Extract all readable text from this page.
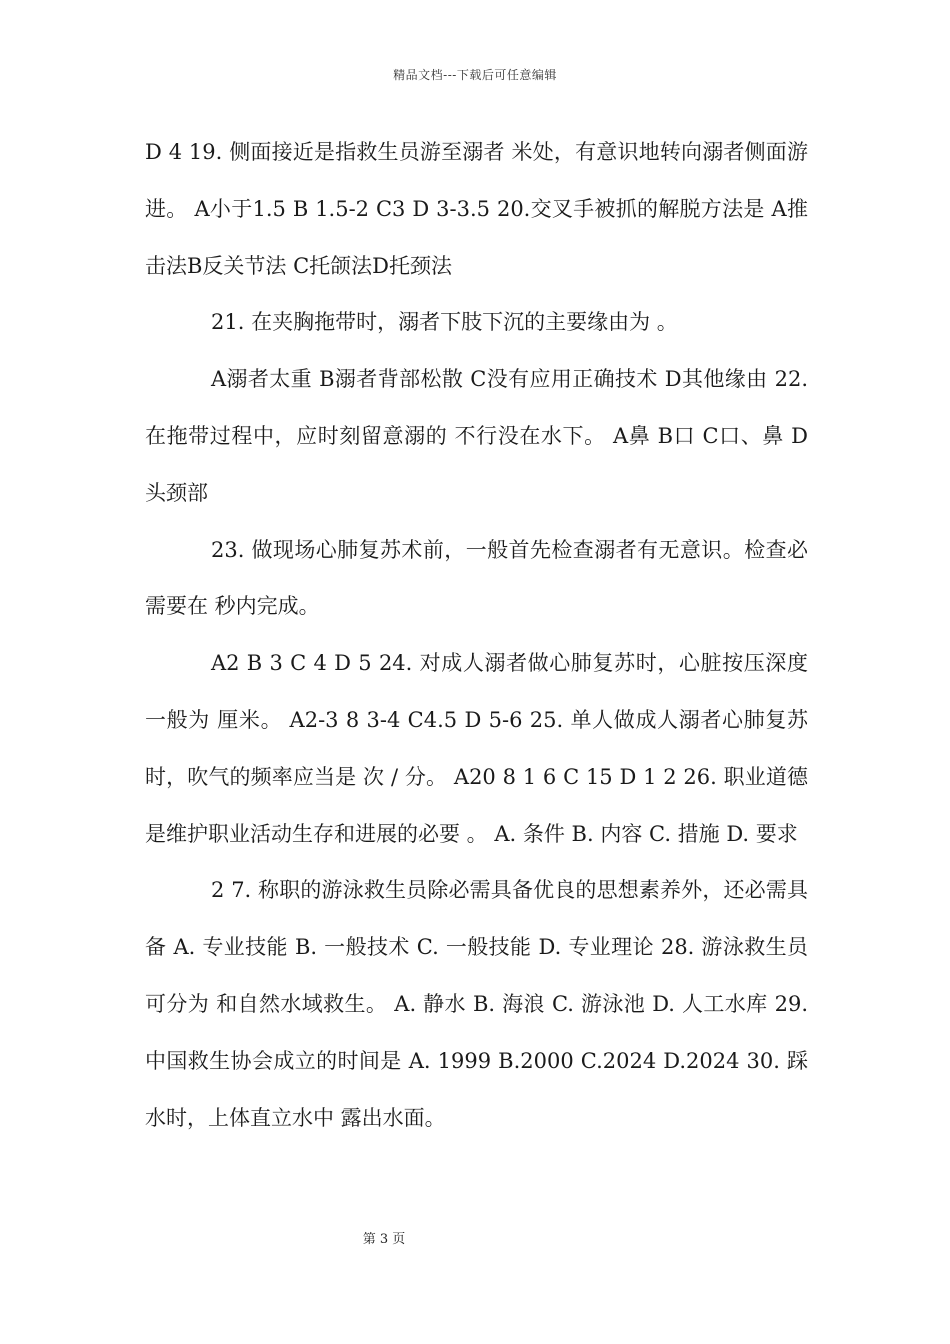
精品文档---下载后可任意编辑

D 4 19. 侧面接近是指救生员游至溺者 米处，有意识地转向溺者侧面游进。 A小于1.5 B 1.5-2 C3 D 3-3.5 20.交叉手被抓的解脱方法是 A推击法B反关节法 C托颌法D托颈法

21. 在夹胸拖带时，溺者下肢下沉的主要缘由为 。

A溺者太重 B溺者背部松散 C没有应用正确技术 D其他缘由 22. 在拖带过程中，应时刻留意溺的 不行没在水下。 A鼻 B口 C口、鼻 D头颈部

23. 做现场心肺复苏术前，一般首先检查溺者有无意识。检查必需要在 秒内完成。

A2 B 3 C 4 D 5 24. 对成人溺者做心肺复苏时，心脏按压深度一般为 厘米。 A2-3 8 3-4 C4.5 D 5-6 25. 单人做成人溺者心肺复苏时，吹气的频率应当是 次 / 分。 A20 8 1 6 C 15 D 1 2 26. 职业道德是维护职业活动生存和进展的必要 。 A. 条件 B. 内容 C. 措施 D. 要求

2 7. 称职的游泳救生员除必需具备优良的思想素养外，还必需具备 A. 专业技能 B. 一般技术 C. 一般技能 D. 专业理论 28. 游泳救生员可分为 和自然水域救生。 A. 静水 B. 海浪 C. 游泳池 D. 人工水库 29.中国救生协会成立的时间是 A. 1999 B.2000 C.2024 D.2024 30. 踩水时，上体直立水中 露出水面。

第 3 页
